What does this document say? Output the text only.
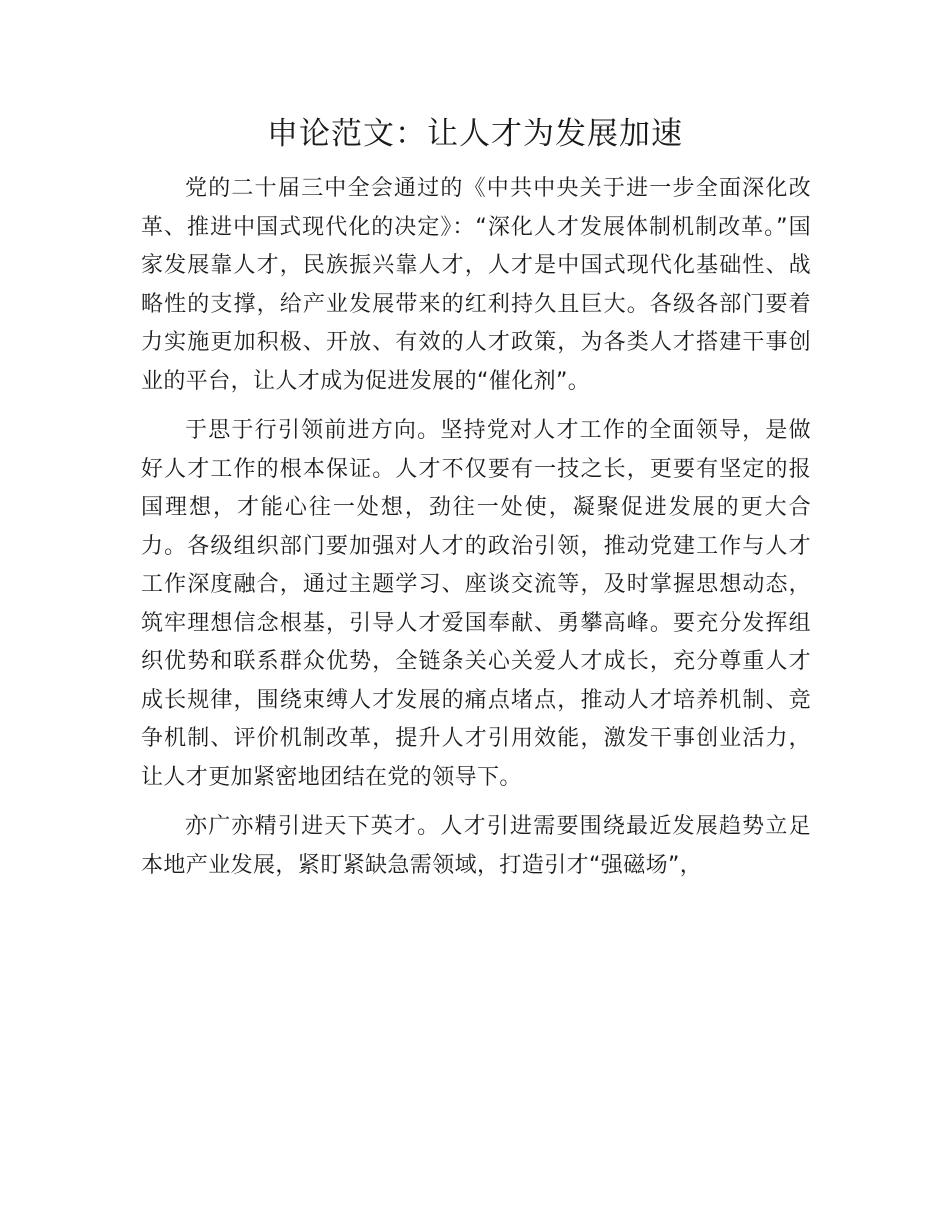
申论范文：让人才为发展加速

党的二十届三中全会通过的《中共中央关于进一步全面深化改革、推进中国式现代化的决定》：“深化人才发展体制机制改革。”国家发展靠人才，民族振兴靠人才，人才是中国式现代化基础性、战略性的支撑，给产业发展带来的红利持久且巨大。各级各部门要着力实施更加积极、开放、有效的人才政策，为各类人才搭建干事创业的平台，让人才成为促进发展的“催化剂”。

于思于行引领前进方向。坚持党对人才工作的全面领导，是做好人才工作的根本保证。人才不仅要有一技之长，更要有坚定的报国理想，才能心往一处想，劲往一处使，凝聚促进发展的更大合力。各级组织部门要加强对人才的政治引领，推动党建工作与人才工作深度融合，通过主题学习、座谈交流等，及时掌握思想动态，筑牢理想信念根基，引导人才爱国奉献、勇攀高峰。要充分发挥组织优势和联系群众优势，全链条关心关爱人才成长，充分尊重人才成长规律，围绕束缚人才发展的痛点堵点，推动人才培养机制、竞争机制、评价机制改革，提升人才引用效能，激发干事创业活力，让人才更加紧密地团结在党的领导下。

亦广亦精引进天下英才。人才引进需要围绕最近发展趋势立足本地产业发展，紧盯紧缺急需领域，打造引才“强磁场”，
